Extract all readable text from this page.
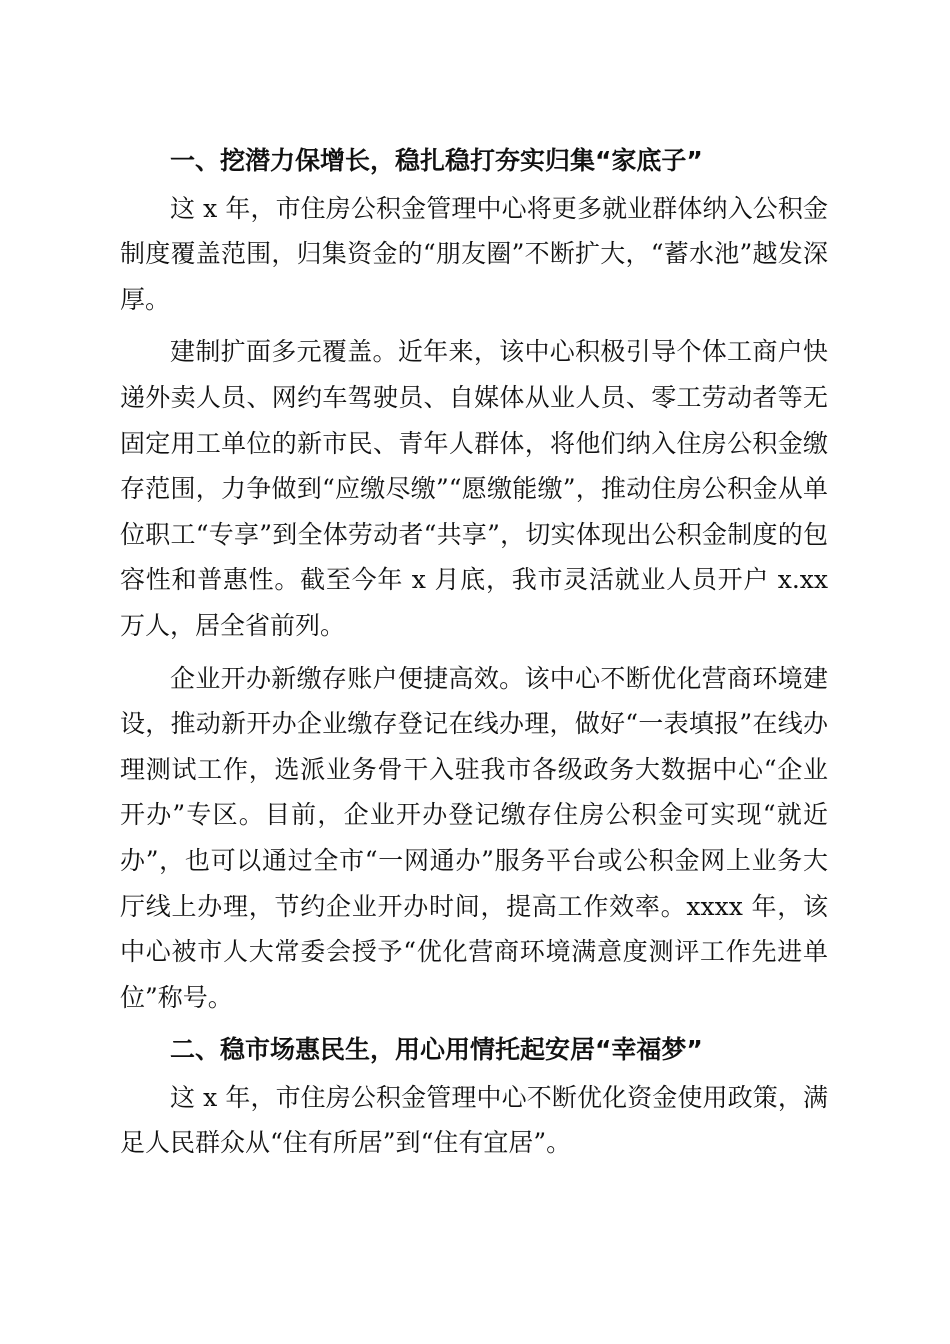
一、挖潜力保增长，稳扎稳打夯实归集“家底子”

这 x 年，市住房公积金管理中心将更多就业群体纳入公积金制度覆盖范围，归集资金的“朋友圈”不断扩大，“蓄水池”越发深厚。

建制扩面多元覆盖。近年来，该中心积极引导个体工商户快递外卖人员、网约车驾驶员、自媒体从业人员、零工劳动者等无固定用工单位的新市民、青年人群体，将他们纳入住房公积金缴存范围，力争做到“应缴尽缴”“愿缴能缴”，推动住房公积金从单位职工“专享”到全体劳动者“共享”，切实体现出公积金制度的包容性和普惠性。截至今年 x 月底，我市灵活就业人员开户 x.xx 万人，居全省前列。

企业开办新缴存账户便捷高效。该中心不断优化营商环境建设，推动新开办企业缴存登记在线办理，做好“一表填报”在线办理测试工作，选派业务骨干入驻我市各级政务大数据中心“企业开办”专区。目前，企业开办登记缴存住房公积金可实现“就近办”，也可以通过全市“一网通办”服务平台或公积金网上业务大厅线上办理，节约企业开办时间，提高工作效率。xxxx 年，该中心被市人大常委会授予“优化营商环境满意度测评工作先进单位”称号。

二、稳市场惠民生，用心用情托起安居“幸福梦”

这 x 年，市住房公积金管理中心不断优化资金使用政策，满足人民群众从“住有所居”到“住有宜居”。
